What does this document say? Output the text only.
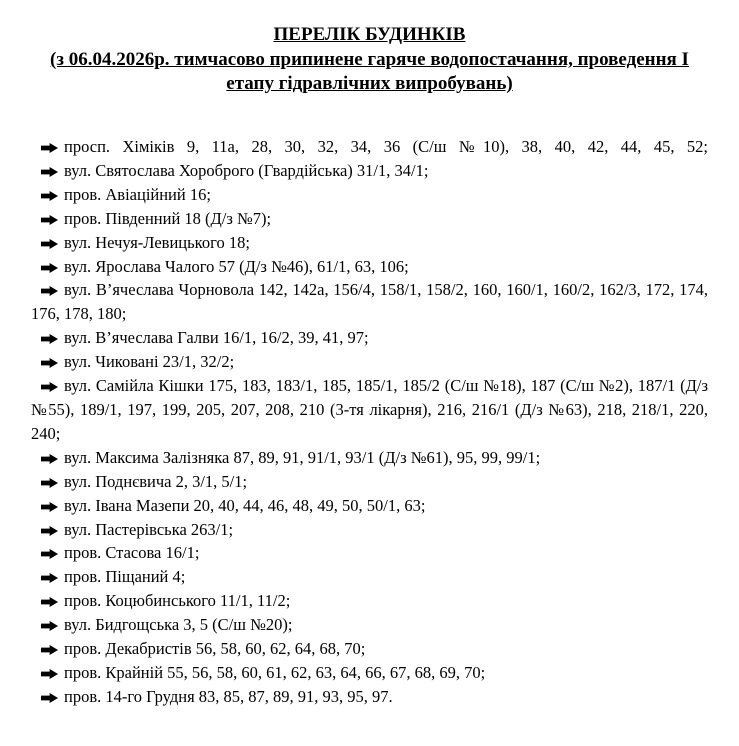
ПЕРЕЛІК БУДИНКІВ

(з 06.04.2026р. тимчасово припинене гаряче водопостачання, проведення І
етапу гідравлічних випробувань)

просп. Хіміків 9, 11а, 28, 30, 32, 34, 36 (С/ш №10), 38, 40, 42, 44, 45, 52;

вул. Святослава Хороброго (Гвардійська) 31/1, 34/1;

пров. Авіаційний 16;

пров. Південний 18 (Д/з №7);

вул. Нечуя-Левицького 18;

вул. Ярослава Чалого 57 (Д/з №46), 61/1, 63, 106;

вул. В’ячеслава Чорновола 142, 142а, 156/4, 158/1, 158/2, 160, 160/1, 160/2, 162/3, 172, 174, 176, 178, 180;

вул. В’ячеслава Галви 16/1, 16/2, 39, 41, 97;

вул. Чиковані 23/1, 32/2;

вул. Самійла Кішки 175, 183, 183/1, 185, 185/1, 185/2 (С/ш №18), 187 (С/ш №2), 187/1 (Д/з №55), 189/1, 197, 199, 205, 207, 208, 210 (3-тя лікарня), 216, 216/1 (Д/з №63), 218, 218/1, 220, 240;

вул. Максима Залізняка 87, 89, 91, 91/1, 93/1 (Д/з №61), 95, 99, 99/1;

вул. Поднєвича 2, 3/1, 5/1;

вул. Івана Мазепи 20, 40, 44, 46, 48, 49, 50, 50/1, 63;

вул. Пастерівська 263/1;

пров. Стасова 16/1;

пров. Піщаний 4;

пров. Коцюбинського 11/1, 11/2;

вул. Бидгощська 3, 5 (С/ш №20);

пров. Декабристів 56, 58, 60, 62, 64, 68, 70;

пров. Крайній 55, 56, 58, 60, 61, 62, 63, 64, 66, 67, 68, 69, 70;

пров. 14-го Грудня 83, 85, 87, 89, 91, 93, 95, 97.
